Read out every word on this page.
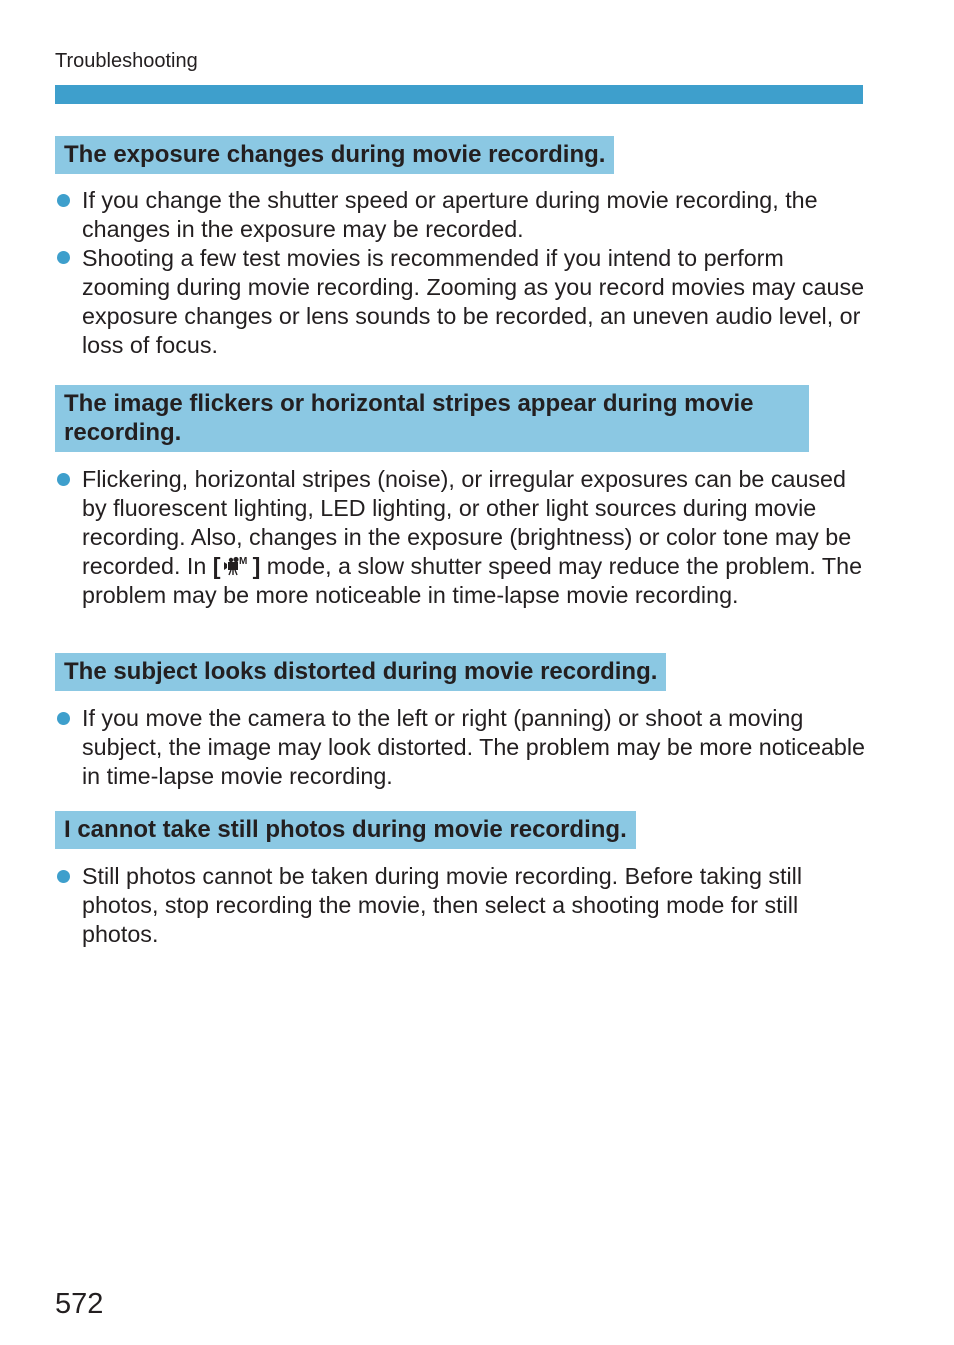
Troubleshooting
The exposure changes during movie recording.
If you change the shutter speed or aperture during movie recording, the changes in the exposure may be recorded.
Shooting a few test movies is recommended if you intend to perform zooming during movie recording. Zooming as you record movies may cause exposure changes or lens sounds to be recorded, an uneven audio level, or loss of focus.
The image flickers or horizontal stripes appear during movie recording.
Flickering, horizontal stripes (noise), or irregular exposures can be caused by fluorescent lighting, LED lighting, or other light sources during movie recording. Also, changes in the exposure (brightness) or color tone may be recorded. In [ M ] mode, a slow shutter speed may reduce the problem. The problem may be more noticeable in time-lapse movie recording.
The subject looks distorted during movie recording.
If you move the camera to the left or right (panning) or shoot a moving subject, the image may look distorted. The problem may be more noticeable in time-lapse movie recording.
I cannot take still photos during movie recording.
Still photos cannot be taken during movie recording. Before taking still photos, stop recording the movie, then select a shooting mode for still photos.
572
